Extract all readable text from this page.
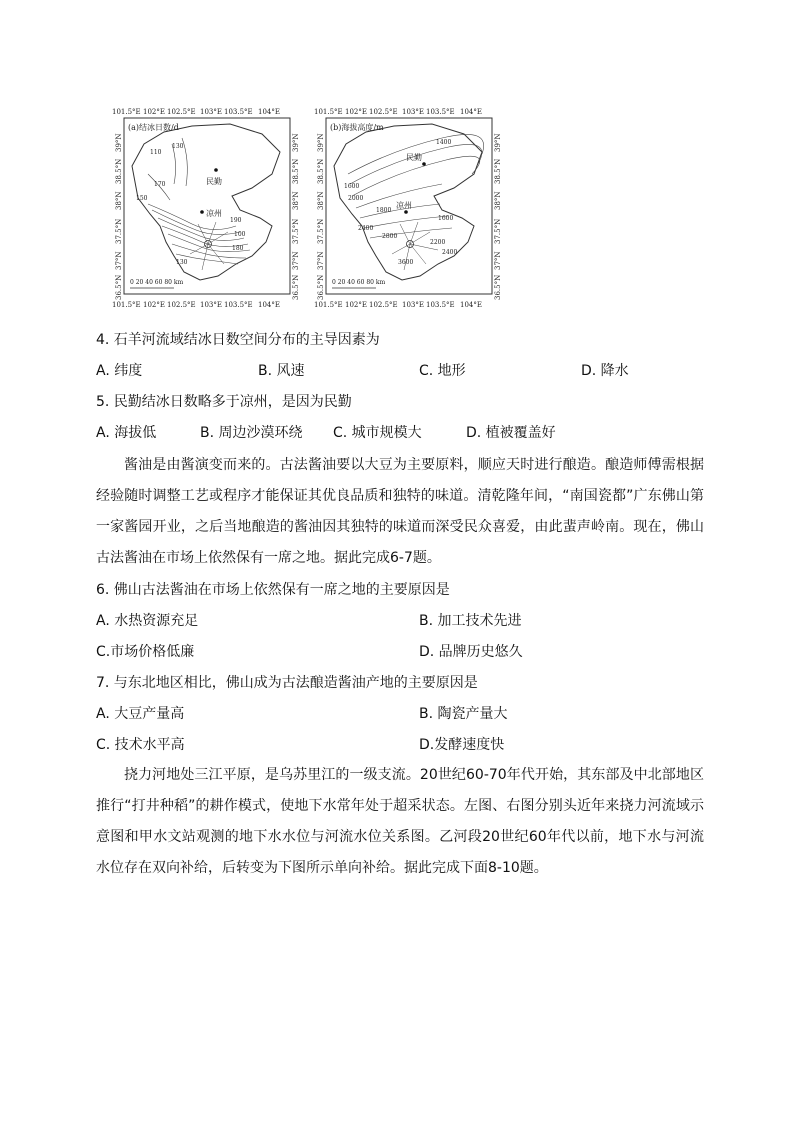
101.5°E 102°E 102.5°E 103°E 103.5°E 104°E
101.5°E 102°E 102.5°E 103°E 103.5°E 104°E
39°N
38.5°N
38°N
37.5°N
37°N
36.5°N
39°N
38.5°N
38°N
37.5°N
37°N
36.5°N
(a)结冰日数/d
民勤
凉州
110
130
150
170
190
100
180
130
0 20 40 60 80 km
101.5°E 102°E 102.5°E 103°E 103.5°E 104°E
101.5°E 102°E 102.5°E 103°E 103.5°E 104°E
39°N
38.5°N
38°N
37.5°N
37°N
36.5°N
39°N
38.5°N
38°N
37.5°N
37°N
36.5°N
(b)海拔高度/m
民勤
凉州
1400
1600
2000
1800
2400
2800
3600
2200
1600
2400
0 20 40 60 80 km
4. 石羊河流域结冰日数空间分布的主导因素为
A. 纬度	B. 风速	C. 地形	D. 降水
5. 民勤结冰日数略多于凉州，是因为民勤
A. 海拔低	B. 周边沙漠环绕 C. 城市规模大	D. 植被覆盖好

酱油是由酱演变而来的。古法酱油要以大豆为主要原料，顺应天时进行酿造。酿造师傅需根据经验随时调整工艺或程序才能保证其优良品质和独特的味道。清乾隆年间，“南国瓷都”广东佛山第一家酱园开业，之后当地酿造的酱油因其独特的味道而深受民众喜爱，由此蜚声岭南。现在，佛山古法酱油在市场上依然保有一席之地。据此完成6-7题。

6. 佛山古法酱油在市场上依然保有一席之地的主要原因是
A. 水热资源充足	B. 加工技术先进
C.市场价格低廉	D. 品牌历史悠久
7. 与东北地区相比，佛山成为古法酿造酱油产地的主要原因是
A. 大豆产量高	B. 陶瓷产量大
C. 技术水平高	D.发酵速度快

挠力河地处三江平原，是乌苏里江的一级支流。20世纪60-70年代开始，其东部及中北部地区推行“打井种稻”的耕作模式，使地下水常年处于超采状态。左图、右图分别头近年来挠力河流域示意图和甲水文站观测的地下水水位与河流水位关系图。乙河段20世纪60年代以前，地下水与河流水位存在双向补给，后转变为下图所示单向补给。据此完成下面8-10题。
